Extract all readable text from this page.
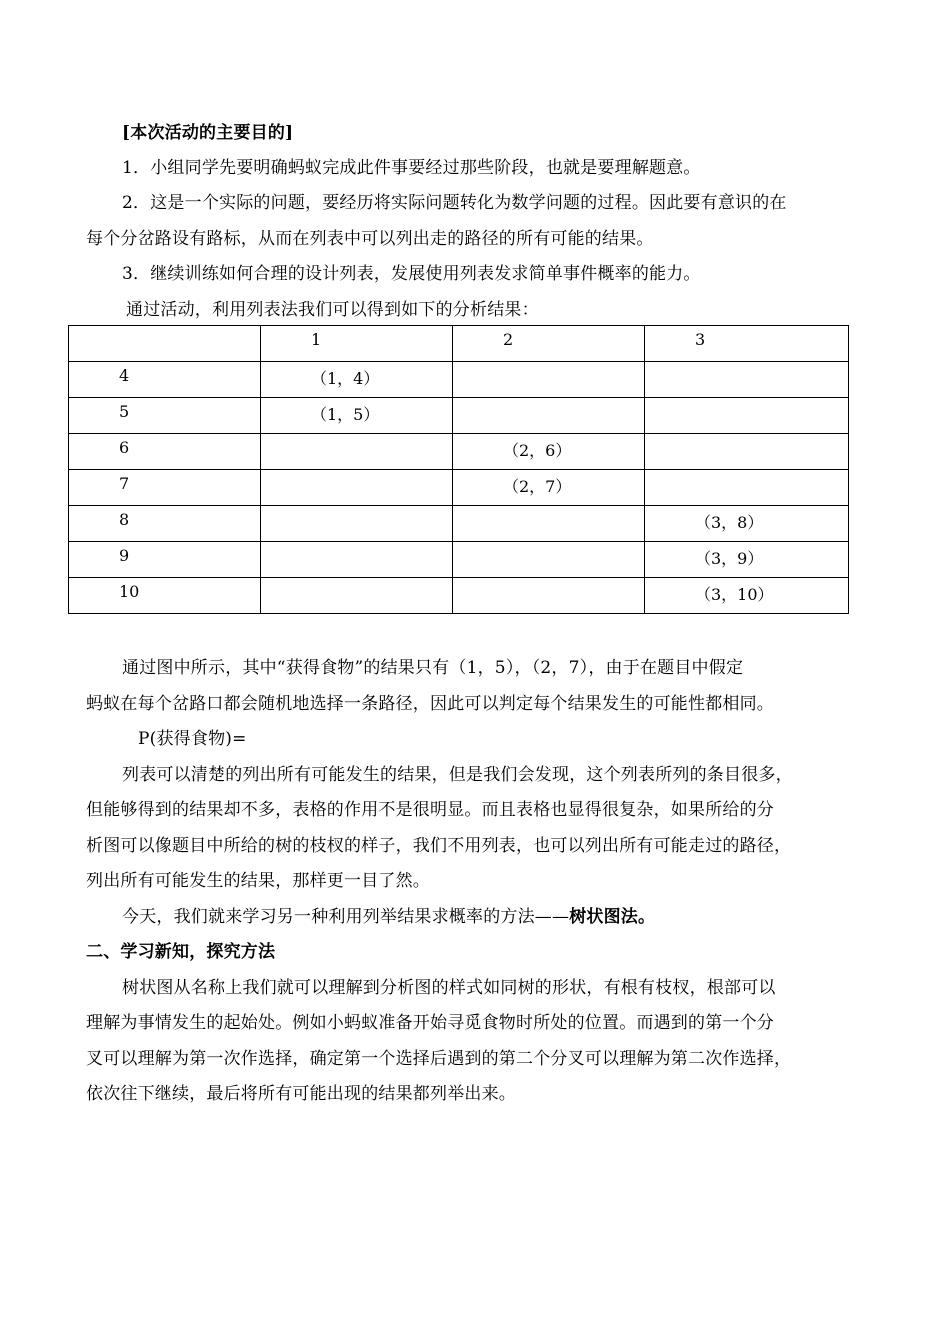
[本次活动的主要目的]
1．小组同学先要明确蚂蚁完成此件事要经过那些阶段，也就是要理解题意。
2．这是一个实际的问题，要经历将实际问题转化为数学问题的过程。因此要有意识的在
每个分岔路设有路标，从而在列表中可以列出走的路径的所有可能的结果。
3．继续训练如何合理的设计列表，发展使用列表发求简单事件概率的能力。
通过活动，利用列表法我们可以得到如下的分析结果：
	1	2	3
4	（1，4）		
5	（1，5）		
6		（2，6）	
7		（2，7）	
8			（3，8）
9			（3，9）
10			（3，10）
通过图中所示，其中“获得食物”的结果只有（1，5），（2，7），由于在题目中假定
蚂蚁在每个岔路口都会随机地选择一条路径，因此可以判定每个结果发生的可能性都相同。
P(获得食物)=
列表可以清楚的列出所有可能发生的结果，但是我们会发现，这个列表所列的条目很多，
但能够得到的结果却不多，表格的作用不是很明显。而且表格也显得很复杂，如果所给的分
析图可以像题目中所给的树的枝杈的样子，我们不用列表，也可以列出所有可能走过的路径，
列出所有可能发生的结果，那样更一目了然。
今天，我们就来学习另一种利用列举结果求概率的方法——树状图法。
二、学习新知，探究方法
树状图从名称上我们就可以理解到分析图的样式如同树的形状，有根有枝杈，根部可以
理解为事情发生的起始处。例如小蚂蚁准备开始寻觅食物时所处的位置。而遇到的第一个分
叉可以理解为第一次作选择，确定第一个选择后遇到的第二个分叉可以理解为第二次作选择，
依次往下继续，最后将所有可能出现的结果都列举出来。
